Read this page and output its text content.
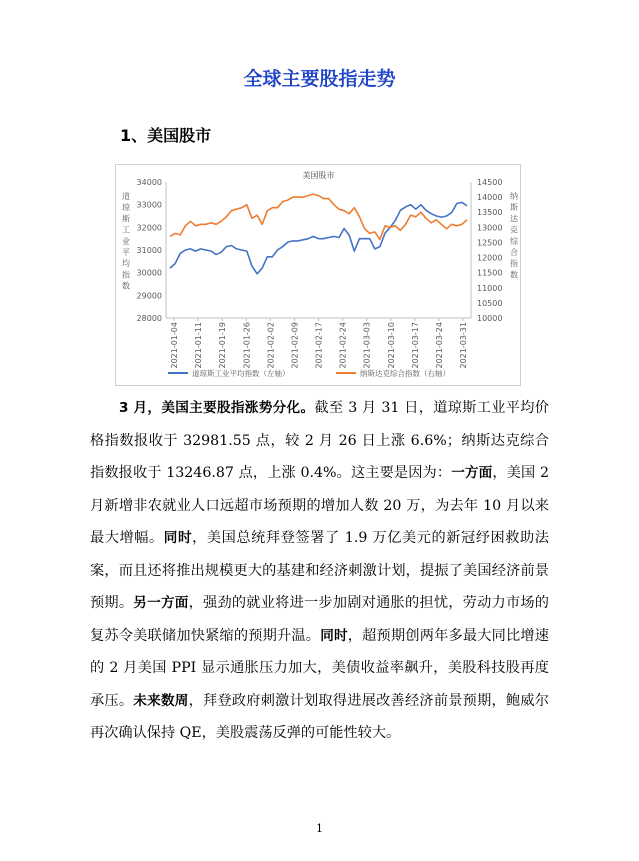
全球主要股指走势
1、美国股市
美国股市
28000
29000
30000
31000
32000
33000
34000
10000
10500
11000
11500
12000
12500
13000
13500
14000
14500
道琼斯工业平均指数
纳斯达克综合指数
2021-01-04 2021-01-11 2021-01-19 2021-01-26 2021-02-02 2021-02-09 2021-02-17 2021-02-24 2021-03-03 2021-03-10 2021-03-17 2021-03-24 2021-03-31
道琼斯工业平均指数（左轴）	纳斯达克综合指数（右轴）

3 月，美国主要股指涨势分化。截至 3 月 31 日，道琼斯工业平均价格指数报收于 32981.55 点，较 2 月 26 日上涨 6.6%；纳斯达克综合指数报收于 13246.87 点，上涨 0.4%。这主要是因为：一方面，美国 2 月新增非农就业人口远超市场预期的增加人数 20 万，为去年 10 月以来最大增幅。同时，美国总统拜登签署了 1.9 万亿美元的新冠纾困救助法案，而且还将推出规模更大的基建和经济刺激计划，提振了美国经济前景预期。另一方面，强劲的就业将进一步加剧对通胀的担忧，劳动力市场的复苏令美联储加快紧缩的预期升温。同时，超预期创两年多最大同比增速的 2 月美国 PPI 显示通胀压力加大，美债收益率飙升，美股科技股再度承压。未来数周，拜登政府刺激计划取得进展改善经济前景预期，鲍威尔再次确认保持 QE，美股震荡反弹的可能性较大。

1
